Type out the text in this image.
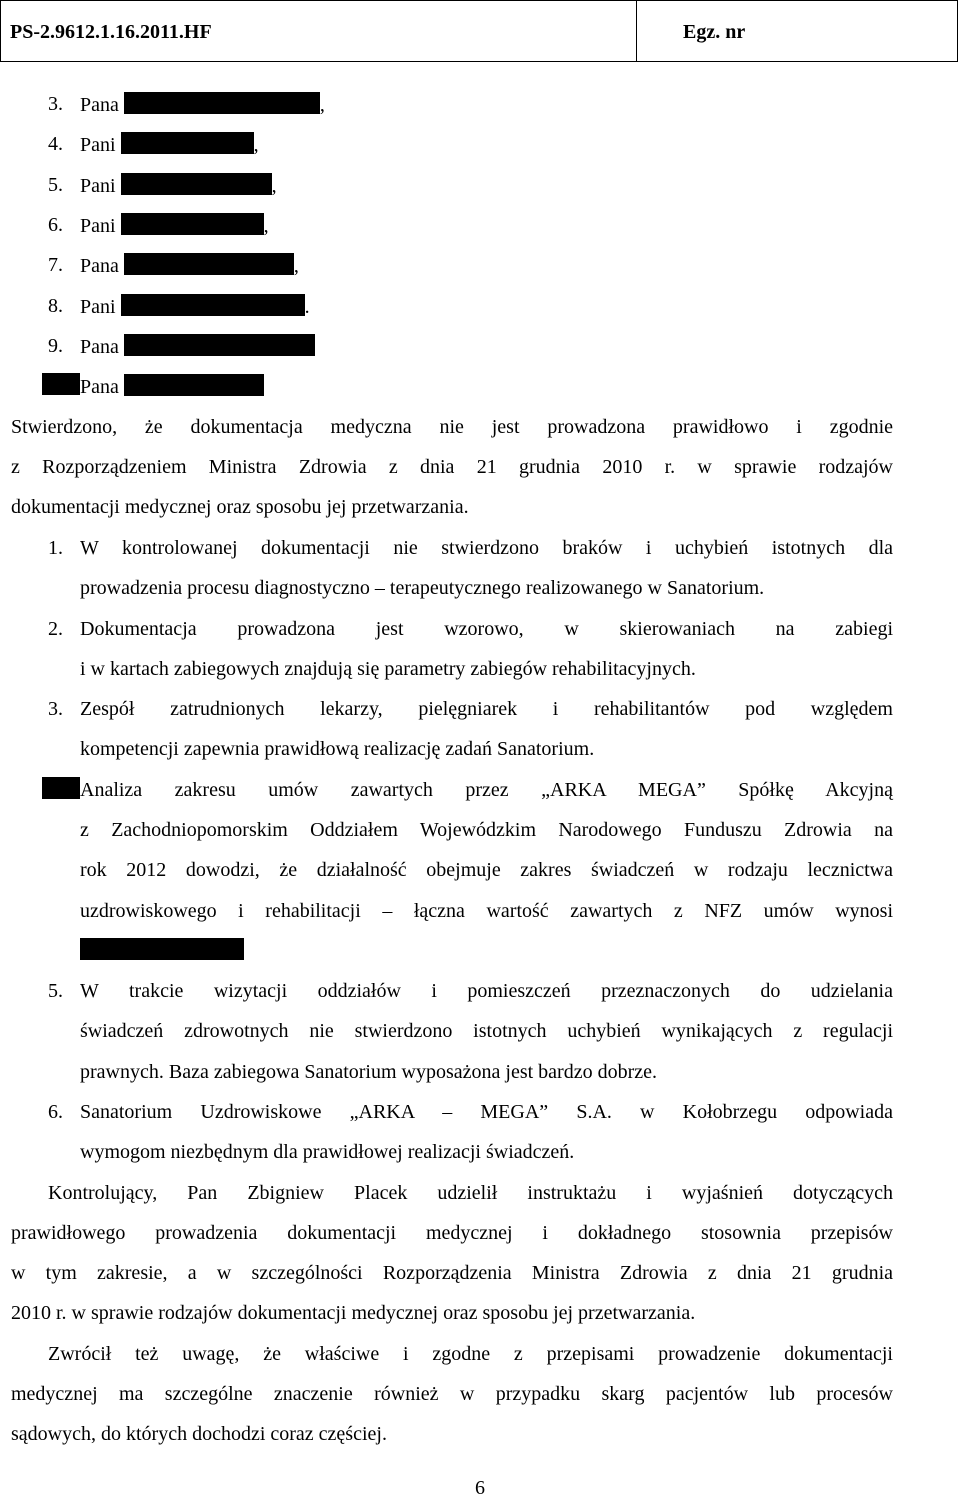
PS-2.9612.1.16.2011.HF	Egz. nr
3. Pana	,
4. Pani	,
5. Pani	,
6. Pani	,
7. Pana	,
8. Pani	.
9. Pana
Pana
Stwierdzono, że dokumentacja medyczna nie jest prowadzona prawidłowo i zgodnie
z Rozporządzeniem Ministra Zdrowia z dnia 21 grudnia 2010 r. w sprawie rodzajów
dokumentacji medycznej oraz sposobu jej przetwarzania.
1. W kontrolowanej dokumentacji nie stwierdzono braków i uchybień istotnych dla
prowadzenia procesu diagnostyczno – terapeutycznego realizowanego w Sanatorium.
2. Dokumentacja prowadzona jest wzorowo, w skierowaniach na zabiegi
i w kartach zabiegowych znajdują się parametry zabiegów rehabilitacyjnych.
3. Zespół zatrudnionych lekarzy, pielęgniarek i rehabilitantów pod względem
kompetencji zapewnia prawidłową realizację zadań Sanatorium.
Analiza zakresu umów zawartych przez „ARKA MEGA” Spółkę Akcyjną
z Zachodniopomorskim Oddziałem Wojewódzkim Narodowego Funduszu Zdrowia na
rok 2012 dowodzi, że działalność obejmuje zakres świadczeń w rodzaju lecznictwa
uzdrowiskowego i rehabilitacji – łączna wartość zawartych z NFZ umów wynosi
5. W trakcie wizytacji oddziałów i pomieszczeń przeznaczonych do udzielania
świadczeń zdrowotnych nie stwierdzono istotnych uchybień wynikających z regulacji
prawnych. Baza zabiegowa Sanatorium wyposażona jest bardzo dobrze.
6. Sanatorium Uzdrowiskowe „ARKA – MEGA” S.A. w Kołobrzegu odpowiada
wymogom niezbędnym dla prawidłowej realizacji świadczeń.
Kontrolujący, Pan Zbigniew Placek udzielił instruktażu i wyjaśnień dotyczących
prawidłowego prowadzenia dokumentacji medycznej i dokładnego stosownia przepisów
w tym zakresie, a w szczególności Rozporządzenia Ministra Zdrowia z dnia 21 grudnia
2010 r. w sprawie rodzajów dokumentacji medycznej oraz sposobu jej przetwarzania.
Zwrócił też uwagę, że właściwe i zgodne z przepisami prowadzenie dokumentacji
medycznej ma szczególne znaczenie również w przypadku skarg pacjentów lub procesów
sądowych, do których dochodzi coraz częściej.
6
